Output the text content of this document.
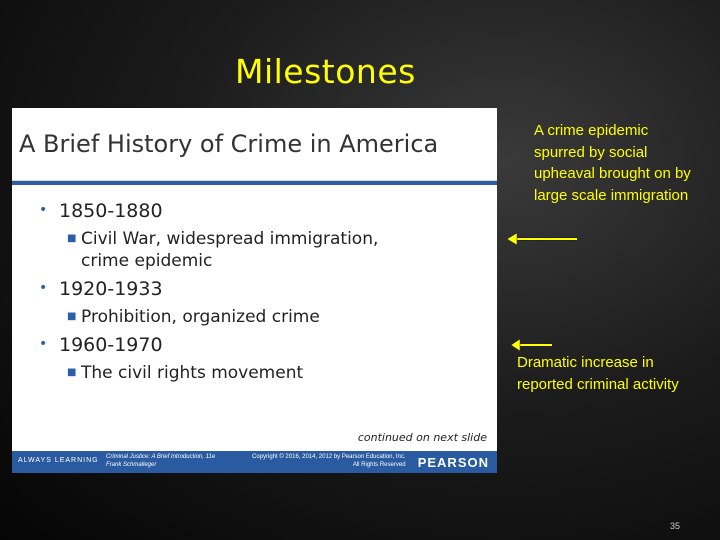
Milestones
A Brief History of Crime in America
• 1850-1880
■ Civil War, widespread immigration,
crime epidemic
• 1920-1933
■ Prohibition, organized crime
• 1960-1970
■ The civil rights movement
continued on next slide
ALWAYS LEARNING Criminal Justice: A Brief Introduction, 11e
Frank Schmalleger
Copyright © 2016, 2014, 2012 by Pearson Education, Inc.
All Rights Reserved PEARSON
A crime epidemic spurred by social upheaval brought on by large scale immigration
Dramatic increase in reported criminal activity
35
